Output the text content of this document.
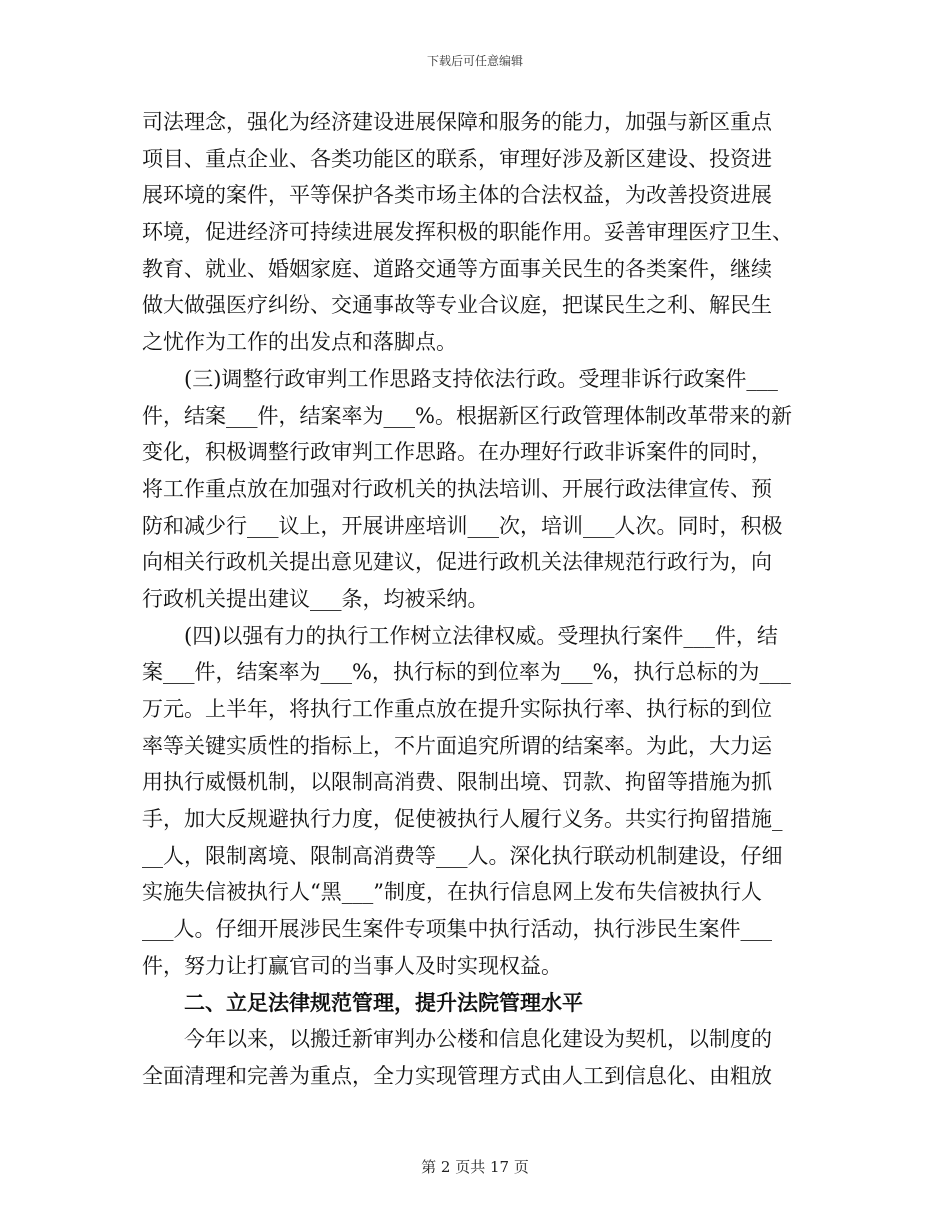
下载后可任意编辑
司法理念，强化为经济建设进展保障和服务的能力，加强与新区重点
项目、重点企业、各类功能区的联系，审理好涉及新区建设、投资进
展环境的案件，平等保护各类市场主体的合法权益，为改善投资进展
环境，促进经济可持续进展发挥积极的职能作用。妥善审理医疗卫生、
教育、就业、婚姻家庭、道路交通等方面事关民生的各类案件，继续
做大做强医疗纠纷、交通事故等专业合议庭，把谋民生之利、解民生
之忧作为工作的出发点和落脚点。
(三)调整行政审判工作思路支持依法行政。受理非诉行政案件___
件，结案___件，结案率为___%。根据新区行政管理体制改革带来的新
变化，积极调整行政审判工作思路。在办理好行政非诉案件的同时，
将工作重点放在加强对行政机关的执法培训、开展行政法律宣传、预
防和减少行___议上，开展讲座培训___次，培训___人次。同时，积极
向相关行政机关提出意见建议，促进行政机关法律规范行政行为，向
行政机关提出建议___条，均被采纳。
(四)以强有力的执行工作树立法律权威。受理执行案件___件，结
案___件，结案率为___%，执行标的到位率为___%，执行总标的为___
万元。上半年，将执行工作重点放在提升实际执行率、执行标的到位
率等关键实质性的指标上，不片面追究所谓的结案率。为此，大力运
用执行威慑机制，以限制高消费、限制出境、罚款、拘留等措施为抓
手，加大反规避执行力度，促使被执行人履行义务。共实行拘留措施_
__人，限制离境、限制高消费等___人。深化执行联动机制建设，仔细
实施失信被执行人“黑___”制度，在执行信息网上发布失信被执行人
___人。仔细开展涉民生案件专项集中执行活动，执行涉民生案件___
件，努力让打赢官司的当事人及时实现权益。
二、立足法律规范管理，提升法院管理水平
今年以来，以搬迁新审判办公楼和信息化建设为契机，以制度的
全面清理和完善为重点，全力实现管理方式由人工到信息化、由粗放
第 2 页共 17 页
